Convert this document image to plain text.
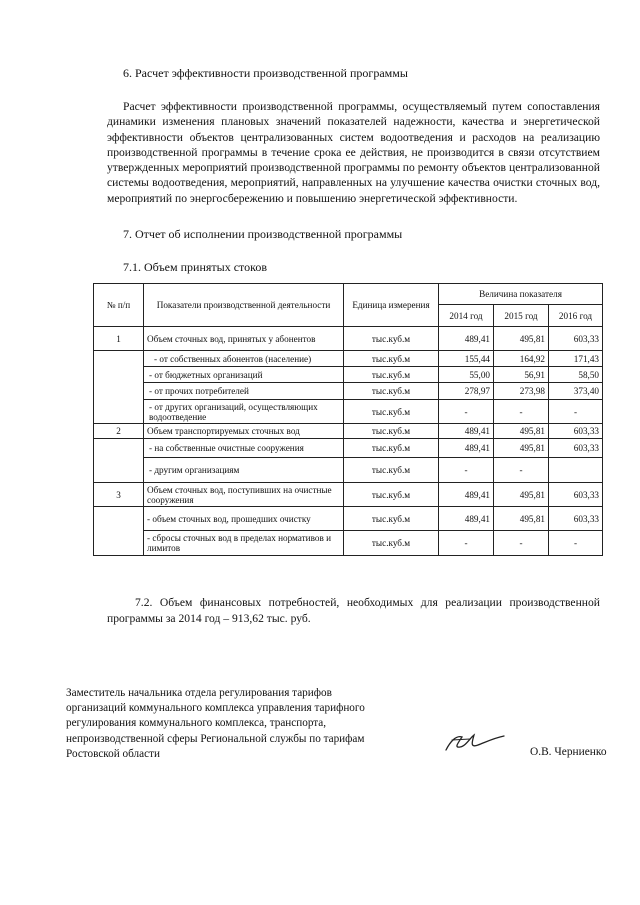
6. Расчет эффективности производственной программы

Расчет эффективности производственной программы, осуществляемый путем сопоставления динамики изменения плановых значений показателей надежности, качества и энергетической эффективности объектов централизованных систем водоотведения и расходов на реализацию производственной программы в течение срока ее действия, не производится в связи отсутствием утвержденных мероприятий производственной программы по ремонту объектов централизованной системы водоотведения, мероприятий, направленных на улучшение качества очистки сточных вод, мероприятий по энергосбережению и повышению энергетической эффективности.

7. Отчет об исполнении производственной программы
7.1. Объем принятых стоков
№ п/п	Показатели производственной деятельности	Единица измерения	Величина показателя		
			2014 год	2015 год	2016 год
1	Объем сточных вод, принятых у абонентов	тыс.куб.м	489,41	495,81	603,33
	- от собственных абонентов (население)	тыс.куб.м	155,44	164,92	171,43
	- от бюджетных организаций	тыс.куб.м	55,00	56,91	58,50
	- от прочих потребителей	тыс.куб.м	278,97	273,98	373,40
	- от других организаций, осуществляющих водоотведение	тыс.куб.м	-	-	-
2	Объем транспортируемых сточных вод	тыс.куб.м	489,41	495,81	603,33
	- на собственные очистные сооружения	тыс.куб.м	489,41	495,81	603,33
	- другим организациям	тыс.куб.м	-	-	
3	Объем сточных вод, поступивших на очистные сооружения	тыс.куб.м	489,41	495,81	603,33
	- объем сточных вод, прошедших очистку	тыс.куб.м	489,41	495,81	603,33
	- сбросы сточных вод в пределах нормативов и лимитов	тыс.куб.м	-	-	-

7.2. Объем финансовых потребностей, необходимых для реализации производственной программы за 2014 год – 913,62 тыс. руб.

Заместитель начальника отдела регулирования тарифов
организаций коммунального комплекса управления тарифного
регулирования коммунального комплекса, транспорта,
непроизводственной сферы Региональной службы по тарифам
Ростовской области	О.В. Черниенко
